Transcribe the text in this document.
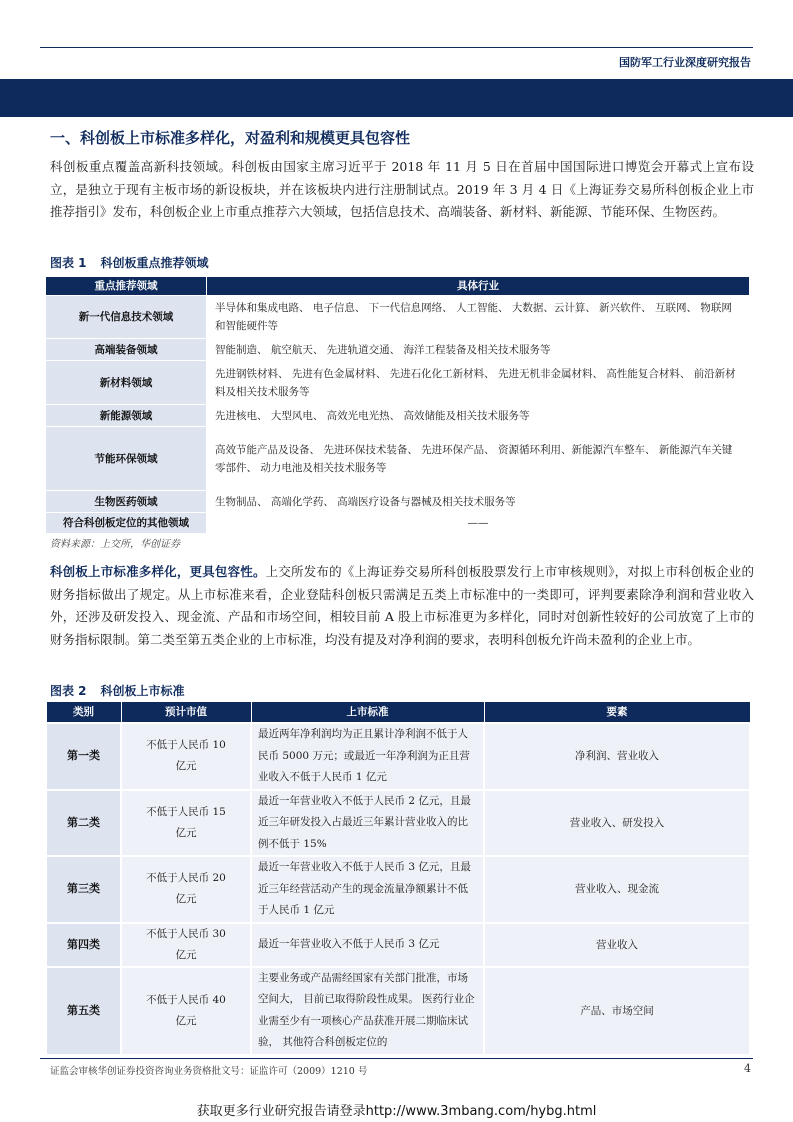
国防军工行业深度研究报告
一、科创板上市标准多样化，对盈利和规模更具包容性

科创板重点覆盖高新科技领域。科创板由国家主席习近平于 2018 年 11 月 5 日在首届中国国际进口博览会开幕式上宣布设立，是独立于现有主板市场的新设板块，并在该板块内进行注册制试点。2019 年 3 月 4 日《上海证券交易所科创板企业上市推荐指引》发布，科创板企业上市重点推荐六大领域，包括信息技术、高端装备、新材料、新能源、节能环保、生物医药。

图表 1 科创板重点推荐领域
重点推荐领域	具体行业
新一代信息技术领域	半导体和集成电路、 电子信息、 下一代信息网络、 人工智能、 大数据、云计算、 新兴软件、 互联网、 物联网和智能硬件等
高端装备领域	智能制造、 航空航天、 先进轨道交通、 海洋工程装备及相关技术服务等
新材料领域	先进钢铁材料、 先进有色金属材料、 先进石化化工新材料、 先进无机非金属材料、 高性能复合材料、 前沿新材料及相关技术服务等
新能源领域	先进核电、 大型风电、 高效光电光热、 高效储能及相关技术服务等
节能环保领域	高效节能产品及设备、 先进环保技术装备、 先进环保产品、 资源循环利用、新能源汽车整车、 新能源汽车关键零部件、 动力电池及相关技术服务等
生物医药领域	生物制品、 高端化学药、 高端医疗设备与器械及相关技术服务等
符合科创板定位的其他领域	——
资料来源：上交所，华创证券

科创板上市标准多样化，更具包容性。上交所发布的《上海证券交易所科创板股票发行上市审核规则》，对拟上市科创板企业的财务指标做出了规定。从上市标准来看，企业登陆科创板只需满足五类上市标准中的一类即可，评判要素除净利润和营业收入外，还涉及研发投入、现金流、产品和市场空间，相较目前 A 股上市标准更为多样化，同时对创新性较好的公司放宽了上市的财务指标限制。第二类至第五类企业的上市标准，均没有提及对净利润的要求，表明科创板允许尚未盈利的企业上市。

图表 2 科创板上市标准
类别	预计市值	上市标准	要素
第一类	不低于人民币 10 亿元	最近两年净利润均为正且累计净利润不低于人民币 5000 万元；或最近一年净利润为正且营业收入不低于人民币 1 亿元	净利润、营业收入
第二类	不低于人民币 15 亿元	最近一年营业收入不低于人民币 2 亿元，且最近三年研发投入占最近三年累计营业收入的比例不低于 15%	营业收入、研发投入
第三类	不低于人民币 20 亿元	最近一年营业收入不低于人民币 3 亿元，且最近三年经营活动产生的现金流量净额累计不低于人民币 1 亿元	营业收入、现金流
第四类	不低于人民币 30 亿元	最近一年营业收入不低于人民币 3 亿元	营业收入
第五类	不低于人民币 40 亿元	主要业务或产品需经国家有关部门批准，市场空间大， 目前已取得阶段性成果。 医药行业企业需至少有一项核心产品获准开展二期临床试验， 其他符合科创板定位的	产品、市场空间
证监会审核华创证券投资咨询业务资格批文号：证监许可（2009）1210 号	4
获取更多行业研究报告请登录http://www.3mbang.com/hybg.html
